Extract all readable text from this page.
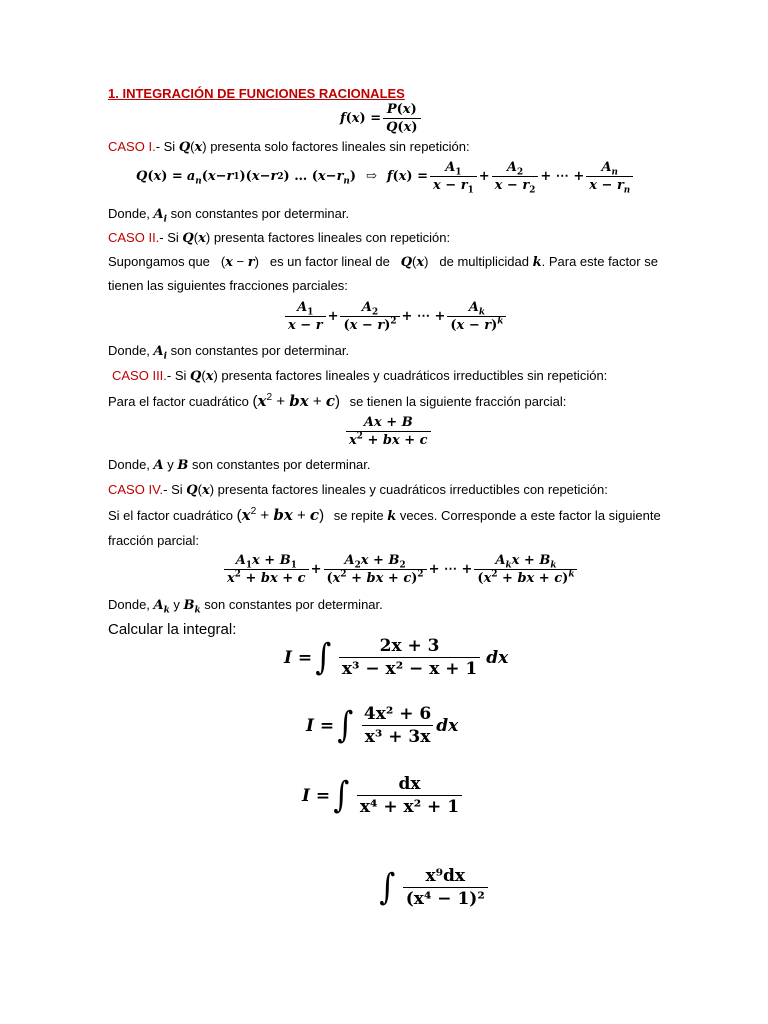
1. INTEGRACIÓN DE FUNCIONES RACIONALES
f ( x ) = $\frac{P(x)}{Q(x)}$
CASO I.- Si Q(x) presenta solo factores lineales sin repetición:
Q ( x ) = $a_n$ ( x − r 1 )( x − r 2 ) … ( $x - r_n$ ) ⇨ f ( x ) = $\frac{A_1}{x - r_1} + \frac{A_2}{x - r_2}$ + ⋯ + $\frac{A_n}{x - r_n}$
Donde, $A_i$ son constantes por determinar.
CASO II.- Si Q(x) presenta factores lineales con repetición:
Supongamos que (x − r) es un factor lineal de Q(x) de multiplicidad k. Para este factor se
tienen las siguientes fracciones parciales:
$\frac{A_1}{x - r} + \frac{A_2}{(x - r)^2}$ + ⋯ + $\frac{A_k}{(x - r)^k}$
Donde, $A_i$ son constantes por determinar.
CASO III.- Si Q(x) presenta factores lineales y cuadráticos irreductibles sin repetición:
Para el factor cuadrático ($x^2$ + bx + c) se tienen la siguiente fracción parcial:
$\frac{Ax + B}{x^2 + bx + c}$
Donde, A y B son constantes por determinar.
CASO IV.- Si Q(x) presenta factores lineales y cuadráticos irreductibles con repetición:
Si el factor cuadrático ($x^2$ + bx + c) se repite k veces. Corresponde a este factor la siguiente
fracción parcial:
$\frac{A_1x + B_1}{x^2 + bx + c} + \frac{A_2x + B_2}{(x^2 + bx + c)^2}$ + ⋯ + $\frac{A_kx + B_k}{(x^2 + bx + c)^k}$
Donde, $A_k$ y $B_k$ son constantes por determinar.
Calcular la integral:
I = ∫ $\frac{2x + 3}{\text{x³ − x² − x + 1}}$ dx
I = ∫ $\frac{\text{4x² + 6}}{\text{x³ + 3x}}$ dx
I = ∫ $\frac{dx}{\text{x⁴ + x² + 1}}$
∫ $\frac{\text{x⁹dx}}{\text{(x⁴ − 1)²}}$
